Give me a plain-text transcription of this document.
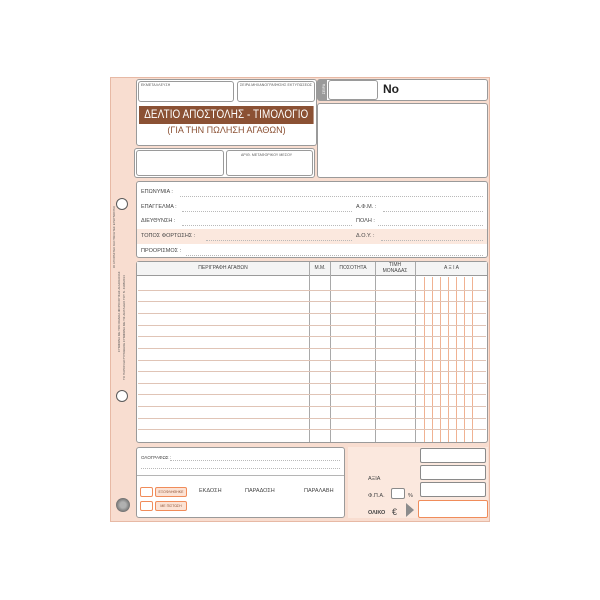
ΟΙ ΑΓΟΡΑΣΤΕΣ ΚΑΙ ΠΩΛΗΤΕΣ ΕΥΘΥΝΟΝΤΑΙ
ΣΥΜΦΩΝΑ ΜΕ ΤΟΝ ΚΩΔΙΚΑ ΦΟΡΟΛΟΓΙΚΗΣ ΔΙΑΔΙΚΑΣΙΑΣ ΤΟ ΠΑΡΟΝ ΕΚΤΥΠΩΘΗΚΕ ΣΥΜΦΩΝΑ ΜΕ ΤΙΣ ΔΙΑΤΑΞΕΙΣ ΤΟΥ Ν. 4308/2014
ΕΚΜΕΤΑΛΛΕΥΣΗ	ΣΕΙΡΑ ΜΗΧΑΝΟΓΡΑΦΗΣΗΣ ΕΚΤΥΠΩΣΕΩΣ
ΔΕΛΤΙΟ ΑΠΟΣΤΟΛΗΣ - ΤΙΜΟΛΟΓΙΟ
(ΓΙΑ ΤΗΝ ΠΩΛΗΣΗ ΑΓΑΘΩΝ)
ΣΕΙΡΑ	No
ΑΡΙΘ. ΜΕΤΑΦΟΡΙΚΟΥ ΜΕΣΟΥ
ΕΠΩΝΥΜΙΑ :
ΕΠΑΓΓΕΛΜΑ :	Α.Φ.Μ. :
ΔΙΕΥΘΥΝΣΗ :	ΠΟΛΗ :
ΤΟΠΟΣ ΦΟΡΤΩΣΗΣ :	Δ.Ο.Υ. :
ΠΡΟΟΡΙΣΜΟΣ :
ΠΕΡΙΓΡΑΦΗ ΑΓΑΘΩΝ	Μ.Μ.	ΠΟΣΟΤΗΤΑ	ΤΙΜΗ ΜΟΝΑΔΑΣ	Α Ξ Ι Α
ΟΛΟΓΡΑΦΩΣ :
ΕΞΟΦΛΗΘΗΚΕ
ΜΕ ΠΙΣΤΩΣΗ
ΕΚΔΟΣΗ	ΠΑΡΑΔΟΣΗ	ΠΑΡΑΛΑΒΗ
ΑΞΙΑ
Φ.Π.Α.	%
ΟΛΙΚΟ €
